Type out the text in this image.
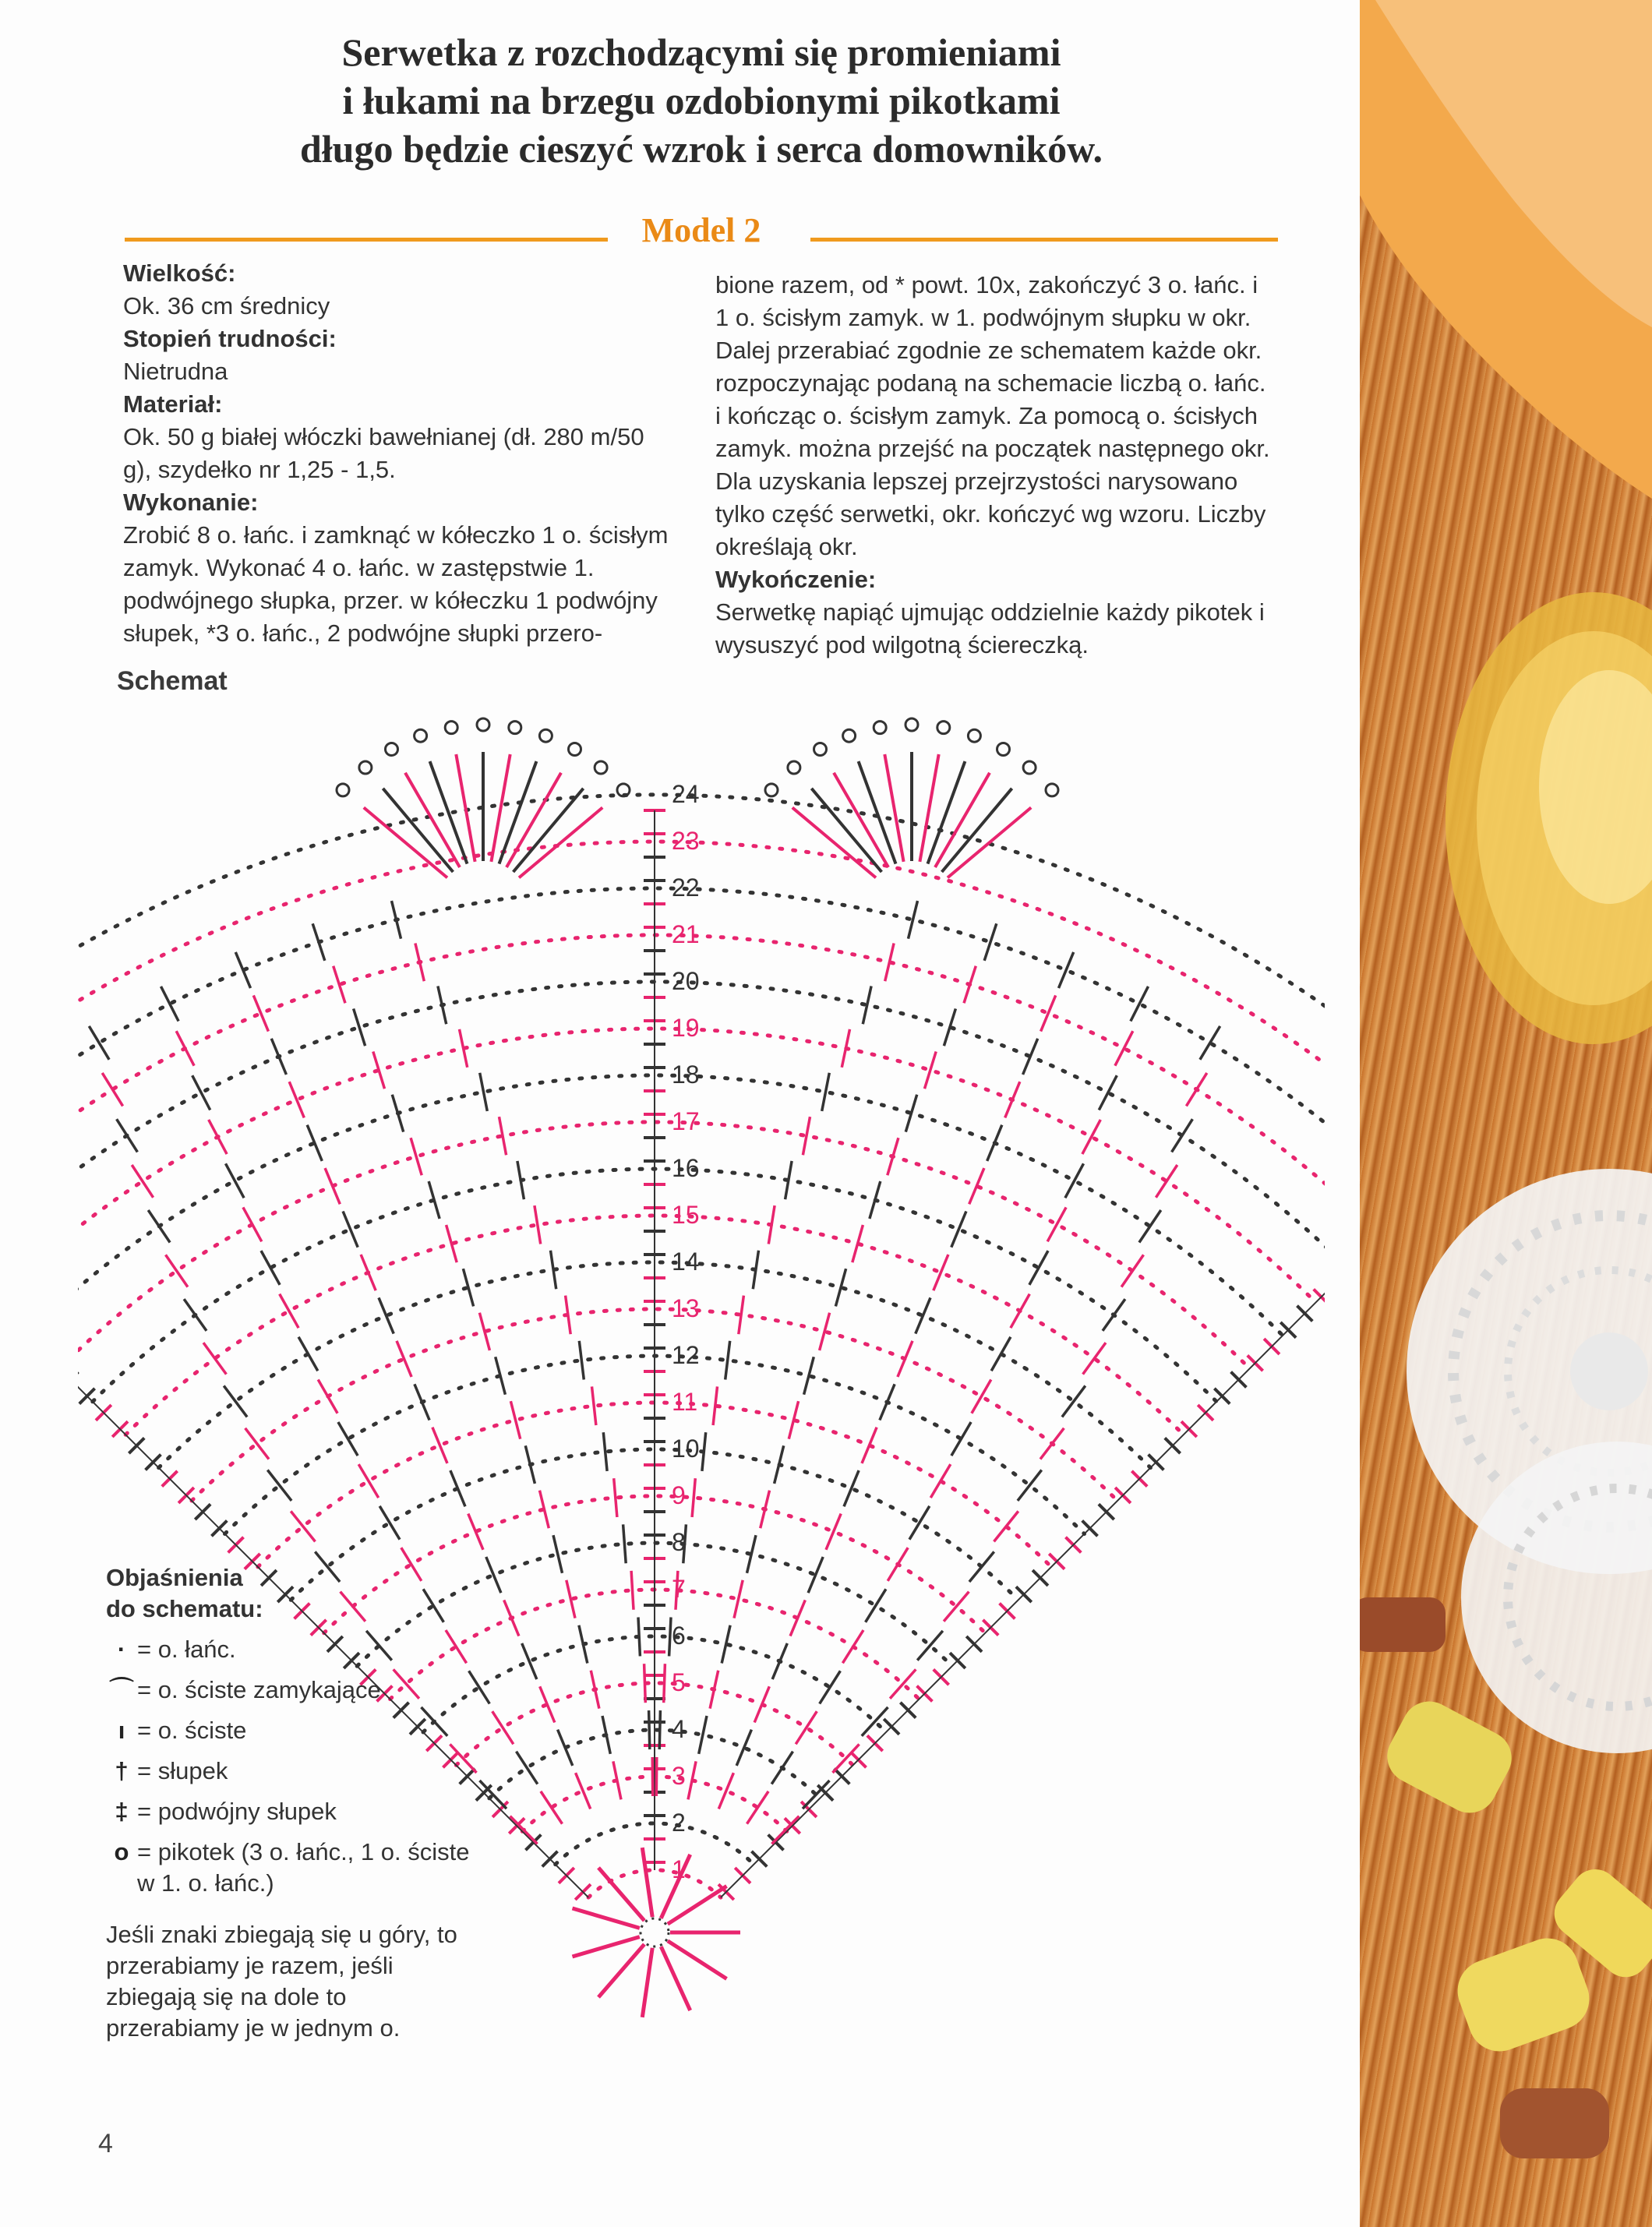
Serwetka z rozchodzącymi się promieniami
i łukami na brzegu ozdobionymi pikotkami
długo będzie cieszyć wzrok i serca domowników.
Model 2
Wielkość:
Ok. 36 cm średnicy
Stopień trudności:
Nietrudna
Materiał:
Ok. 50 g białej włóczki bawełnianej (dł. 280 m/50 g), szydełko nr 1,25 - 1,5.
Wykonanie:
Zrobić 8 o. łańc. i zamknąć w kółeczko 1 o. ścisłym zamyk. Wykonać 4 o. łańc. w zastępstwie 1. podwójnego słupka, przer. w kółeczku 1 podwójny słupek, *3 o. łańc., 2 podwójne słupki przero-
bione razem, od * powt. 10x, zakończyć 3 o. łańc. i 1 o. ścisłym zamyk. w 1. podwójnym słupku w okr. Dalej przerabiać zgodnie ze schematem każde okr. rozpoczynając podaną na schemacie liczbą o. łańc. i kończąc o. ścisłym zamyk. Za pomocą o. ścisłych zamyk. można przejść na początek następnego okr. Dla uzyskania lepszej przejrzystości narysowano tylko część serwetki, okr. kończyć wg wzoru. Liczby określają okr.
Wykończenie:
Serwetkę napiąć ujmując oddzielnie każdy pikotek i wysuszyć pod wilgotną ściereczką.
Schemat
1
2
3
4
5
6
7
8
9
10
11
12
13
14
15
16
17
18
19
20
21
22
23
24
Objaśnienia
do schematu:
· = o. łańc.
⌒ = o. ściste zamykające
ı = o. ściste
† = słupek
‡ = podwójny słupek
o = pikotek (3 o. łańc., 1 o. ściste w 1. o. łańc.)
Jeśli znaki zbiegają się u góry, to przerabiamy je razem, jeśli zbiegają się na dole to przerabiamy je w jednym o.
4
